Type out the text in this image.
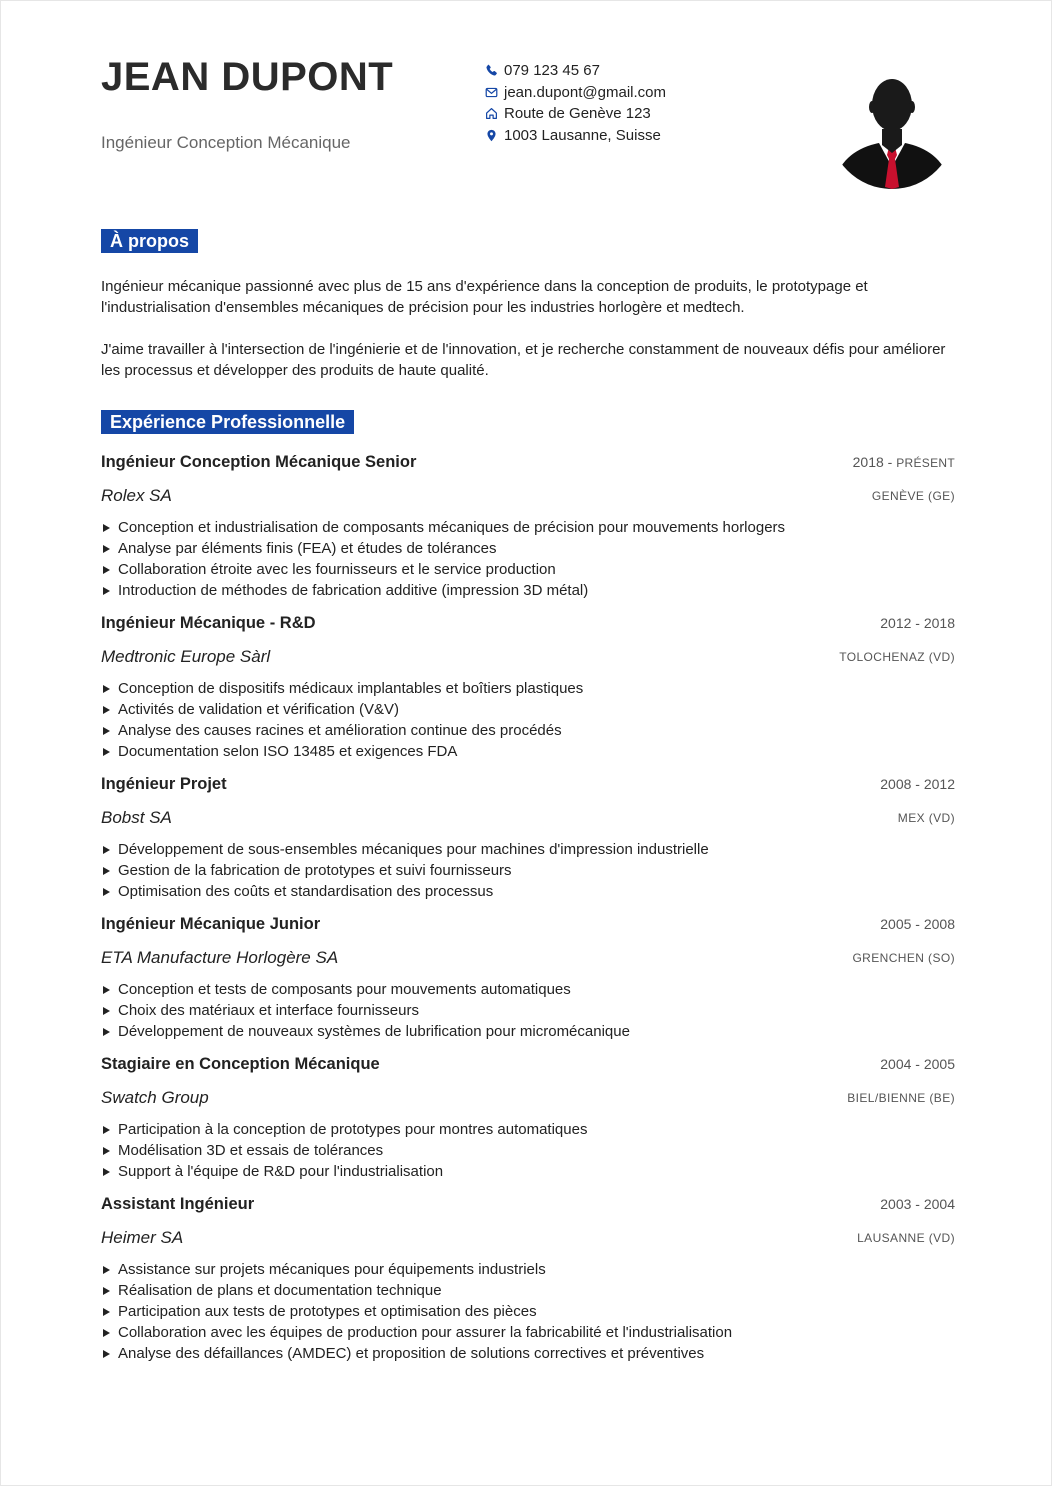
JEAN DUPONT
Ingénieur Conception Mécanique
079 123 45 67
jean.dupont@gmail.com
Route de Genève 123
1003 Lausanne, Suisse
À propos

Ingénieur mécanique passionné avec plus de 15 ans d'expérience dans la conception de produits, le prototypage et l'industrialisation d'ensembles mécaniques de précision pour les industries horlogère et medtech.

J'aime travailler à l'intersection de l'ingénierie et de l'innovation, et je recherche constamment de nouveaux défis pour améliorer les processus et développer des produits de haute qualité.

Expérience Professionnelle
Ingénieur Conception Mécanique Senior	2018 - PRÉSENT
Rolex SA	GENÈVE (GE)
Conception et industrialisation de composants mécaniques de précision pour mouvements horlogers
Analyse par éléments finis (FEA) et études de tolérances
Collaboration étroite avec les fournisseurs et le service production
Introduction de méthodes de fabrication additive (impression 3D métal)
Ingénieur Mécanique - R&D	2012 - 2018
Medtronic Europe Sàrl	TOLOCHENAZ (VD)
Conception de dispositifs médicaux implantables et boîtiers plastiques
Activités de validation et vérification (V&V)
Analyse des causes racines et amélioration continue des procédés
Documentation selon ISO 13485 et exigences FDA
Ingénieur Projet	2008 - 2012
Bobst SA	MEX (VD)
Développement de sous-ensembles mécaniques pour machines d'impression industrielle
Gestion de la fabrication de prototypes et suivi fournisseurs
Optimisation des coûts et standardisation des processus
Ingénieur Mécanique Junior	2005 - 2008
ETA Manufacture Horlogère SA	GRENCHEN (SO)
Conception et tests de composants pour mouvements automatiques
Choix des matériaux et interface fournisseurs
Développement de nouveaux systèmes de lubrification pour micromécanique
Stagiaire en Conception Mécanique	2004 - 2005
Swatch Group	BIEL/BIENNE (BE)
Participation à la conception de prototypes pour montres automatiques
Modélisation 3D et essais de tolérances
Support à l'équipe de R&D pour l'industrialisation
Assistant Ingénieur	2003 - 2004
Heimer SA	LAUSANNE (VD)
Assistance sur projets mécaniques pour équipements industriels
Réalisation de plans et documentation technique
Participation aux tests de prototypes et optimisation des pièces
Collaboration avec les équipes de production pour assurer la fabricabilité et l'industrialisation
Analyse des défaillances (AMDEC) et proposition de solutions correctives et préventives
